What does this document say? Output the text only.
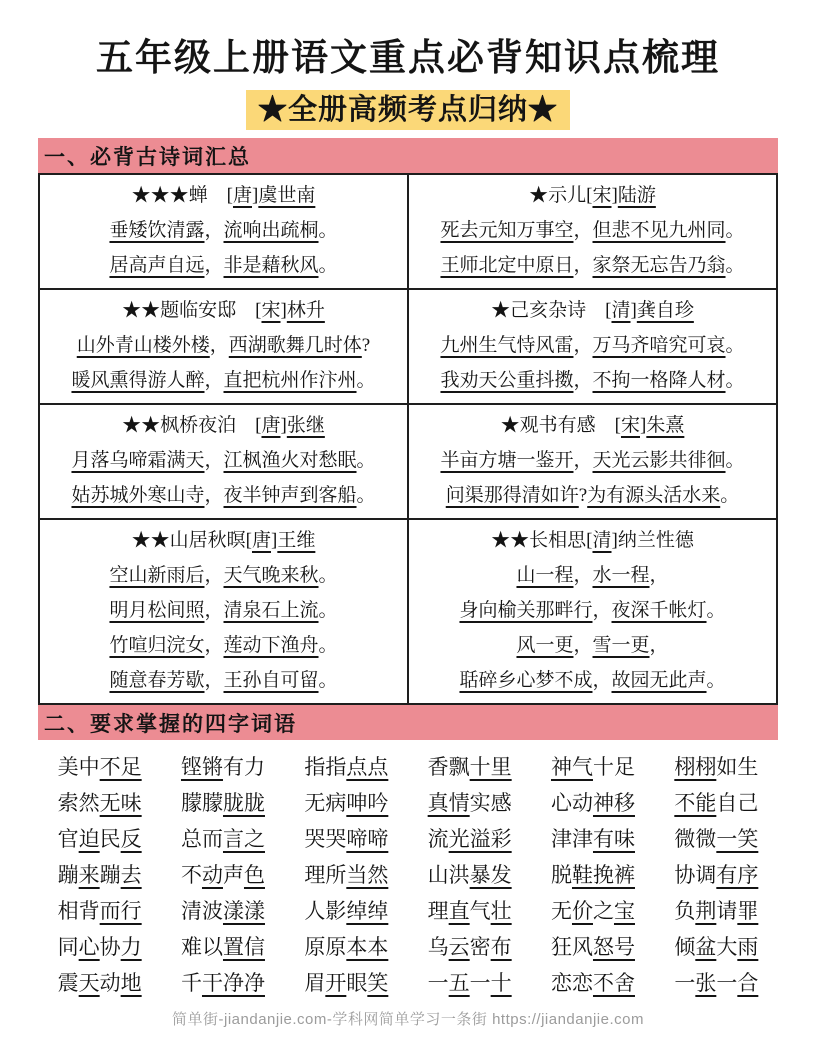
五年级上册语文重点必背知识点梳理
★全册高频考点归纳★
一、必背古诗词汇总
★★★蝉　[唐]虞世南
垂矮饮清露，流响出疏桐。
居高声自远，非是藉秋风。

★示儿[宋]陆游
死去元知万事空，但悲不见九州同。
王师北定中原日，家祭无忘告乃翁。

★★题临安邸　[宋]林升
山外青山楼外楼，西湖歌舞几时体?
暖风熏得游人醉，直把杭州作汴州。

★己亥杂诗　[清]龚自珍
九州生气恃风雷，万马齐喑究可哀。
我劝天公重抖擞，不拘一格降人材。

★★枫桥夜泊　[唐]张继
月落乌啼霜满天，江枫渔火对愁眠。
姑苏城外寒山寺，夜半钟声到客船。

★观书有感　[宋]朱熹
半亩方塘一鉴开，天光云影共徘徊。
问渠那得清如许?为有源头活水来。

★★山居秋暝[唐]王维
空山新雨后，天气晚来秋。
明月松间照，清泉石上流。
竹喧归浣女，莲动下渔舟。
随意春芳歇，王孙自可留。

★★长相思[清]纳兰性德
山一程，水一程，
身向榆关那畔行，夜深千帐灯。
风一更，雪一更，
聒碎乡心梦不成，故园无此声。
二、要求掌握的四字词语
美中不足	铿锵有力	指指点点	香飘十里	神气十足	栩栩如生
索然无味	朦朦胧胧	无病呻吟	真情实感	心动神移	不能自己
官迫民反	总而言之	哭哭啼啼	流光溢彩	津津有味	微微一笑
蹦来蹦去	不动声色	理所当然	山洪暴发	脱鞋挽裤	协调有序
相背而行	清波漾漾	人影绰绰	理直气壮	无价之宝	负荆请罪
同心协力	难以置信	原原本本	乌云密布	狂风怒号	倾盆大雨
震天动地	千干净净	眉开眼笑	一五一十	恋恋不舍	一张一合
简单街-jiandanjie.com-学科网简单学习一条街 https://jiandanjie.com
